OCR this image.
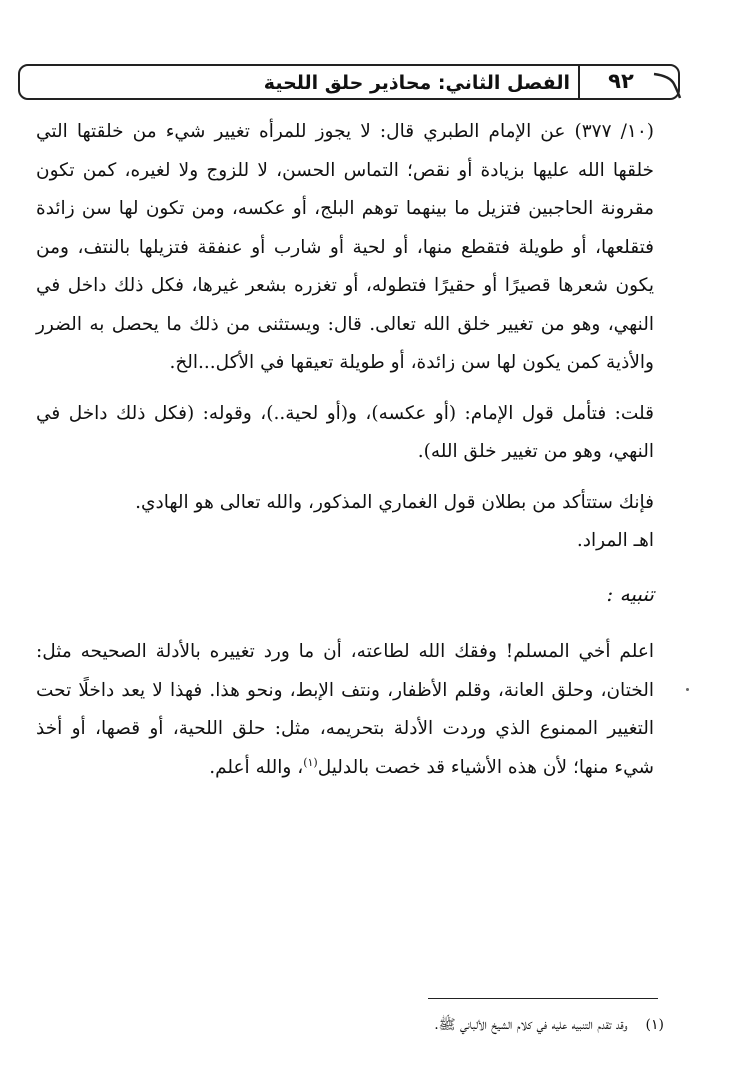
الفصل الثاني: محاذير حلق اللحية	٩٢

(١٠/ ٣٧٧) عن الإمام الطبري قال: لا يجوز للمرأه تغيير شيء من خلقتها التي خلقها الله عليها بزيادة أو نقص؛ التماس الحسن، لا للزوج ولا لغيره، كمن تكون مقرونة الحاجبين فتزيل ما بينهما توهم البلج، أو عكسه، ومن تكون لها سن زائدة فتقلعها، أو طويلة فتقطع منها، أو لحية أو شارب أو عنفقة فتزيلها بالنتف، ومن يكون شعرها قصيرًا أو حقيرًا فتطوله، أو تغزره بشعر غيرها، فكل ذلك داخل في النهي، وهو من تغيير خلق الله تعالى. قال: ويستثنى من ذلك ما يحصل به الضرر والأذية كمن يكون لها سن زائدة، أو طويلة تعيقها في الأكل...الخ.

قلت: فتأمل قول الإمام: (أو عكسه)، و(أو لحية..)، وقوله: (فكل ذلك داخل في النهي، وهو من تغيير خلق الله).

فإنك ستتأكد من بطلان قول الغماري المذكور، والله تعالى هو الهادي.

اهـ المراد.

تنبيه :

اعلم أخي المسلم! وفقك الله لطاعته، أن ما ورد تغييره بالأدلة الصحيحه مثل: الختان، وحلق العانة، وقلم الأظفار، ونتف الإبط، ونحو هذا. فهذا لا يعد داخلًا تحت التغيير الممنوع الذي وردت الأدلة بتحريمه، مثل: حلق اللحية، أو قصها، أو أخذ شيء منها؛ لأن هذه الأشياء قد خصت بالدليل$^{(١)}$، والله أعلم.

(١)وقد تقدم التنبيه عليه في كلام الشيخ الألباني ﷺ.
